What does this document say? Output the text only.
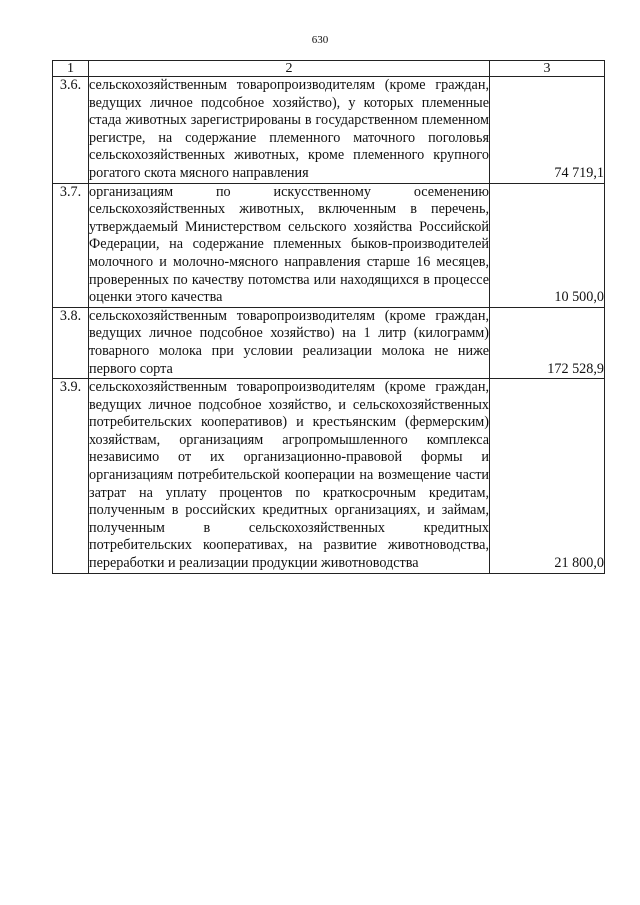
630
1	2	3
3.6.	сельскохозяйственным товаропроизводителям (кроме граждан, ведущих личное подсобное хозяйство), у которых племенные стада животных зарегистрированы в государственном племенном регистре, на содержание племенного маточного поголовья сельскохозяйственных животных, кроме племенного крупного рогатого скота мясного направления	74 719,1
3.7.	организациям по искусственному осеменению сельскохозяйственных животных, включенным в перечень, утверждаемый Министерством сельского хозяйства Российской Федерации, на содержание племенных быков-производителей молочного и молочно-мясного направления старше 16 месяцев, проверенных по качеству потомства или находящихся в процессе оценки этого качества	10 500,0
3.8.	сельскохозяйственным товаропроизводителям (кроме граждан, ведущих личное подсобное хозяйство) на 1 литр (килограмм) товарного молока при условии реализации молока не ниже первого сорта	172 528,9
3.9.	сельскохозяйственным товаропроизводителям (кроме граждан, ведущих личное подсобное хозяйство, и сельскохозяйственных потребительских кооперативов) и крестьянским (фермерским) хозяйствам, организациям агропромышленного комплекса независимо от их организационно-правовой формы и организациям потребительской кооперации на возмещение части затрат на уплату процентов по краткосрочным кредитам, полученным в российских кредитных организациях, и займам, полученным в сельскохозяйственных кредитных потребительских кооперативах, на развитие животноводства, переработки и реализации продукции животноводства	21 800,0
